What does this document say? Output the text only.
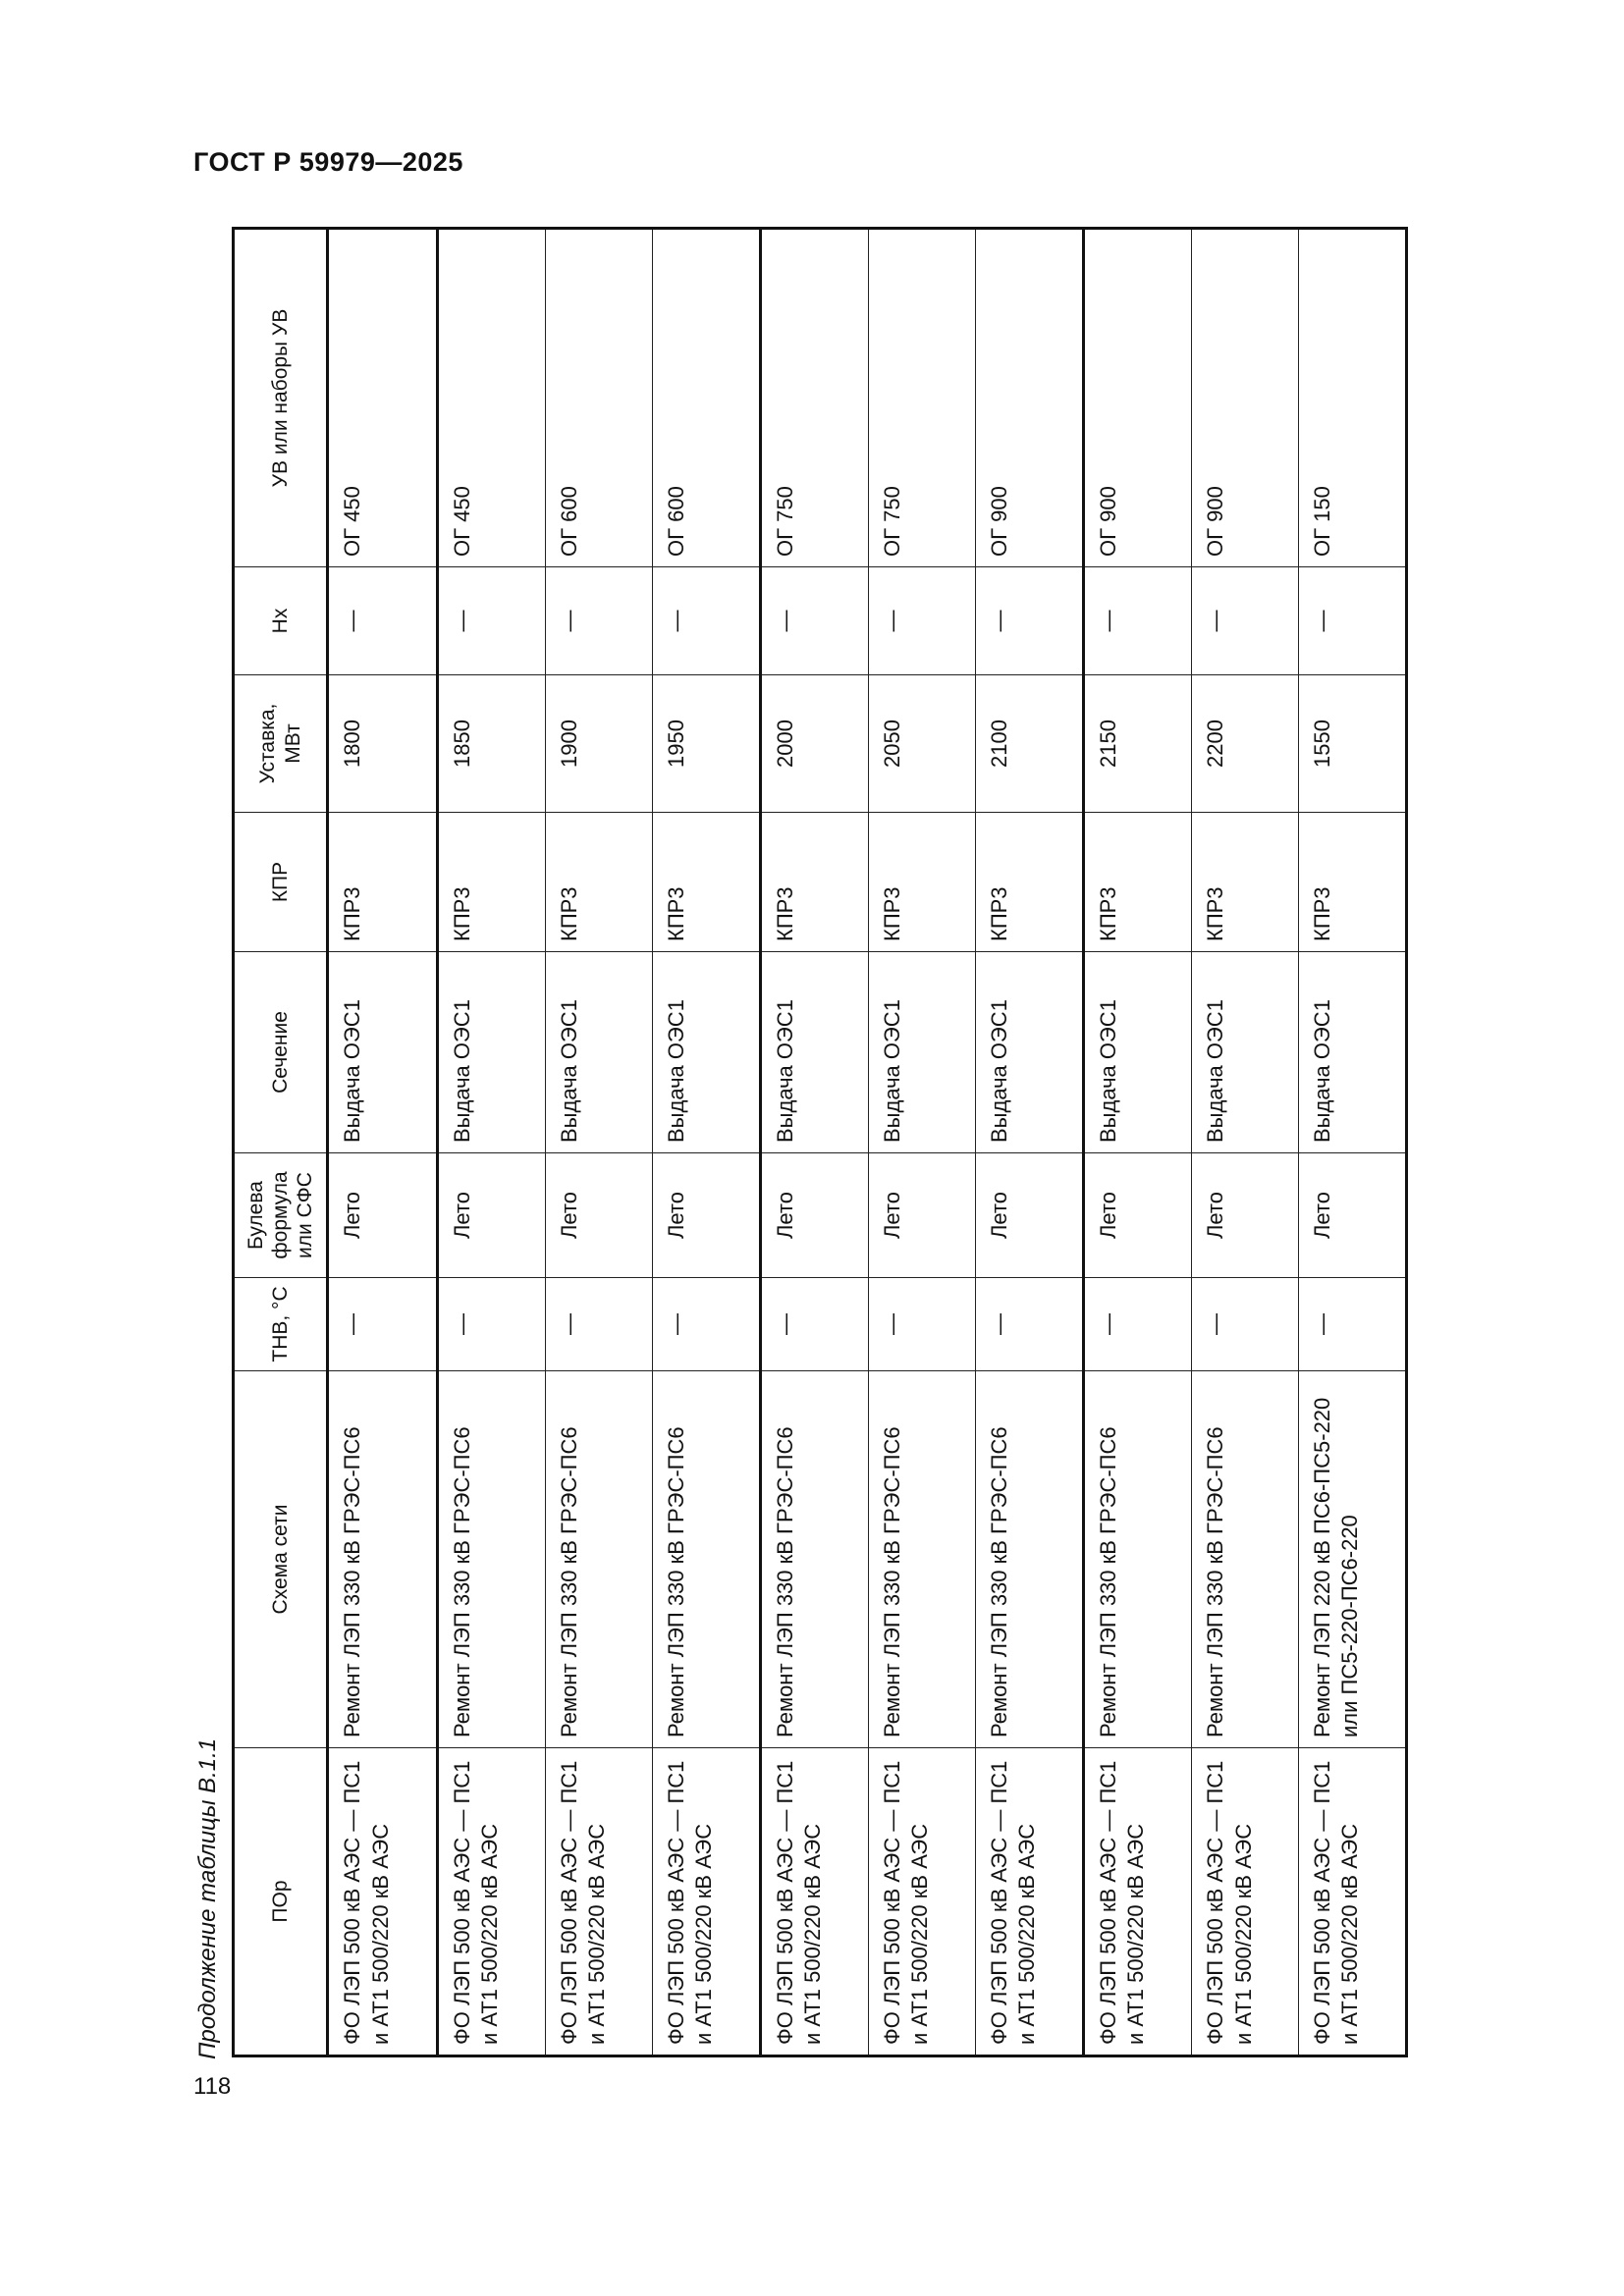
ГОСТ Р 59979—2025
Продолжение таблицы В.1.1
118
ПОр	Схема сети	ТНВ, °С	Булева формула или СФС	Сечение	КПР	Уставка, МВт	Нх	УВ или наборы УВ
ФО ЛЭП 500 кВ АЭС — ПС1 и АТ1 500/220 кВ АЭС	Ремонт ЛЭП 330 кВ ГРЭС-ПС6	—	Лето	Выдача ОЭС1	КПР3	1800	—	ОГ 450
ФО ЛЭП 500 кВ АЭС — ПС1 и АТ1 500/220 кВ АЭС	Ремонт ЛЭП 330 кВ ГРЭС-ПС6	—	Лето	Выдача ОЭС1	КПР3	1850	—	ОГ 450
ФО ЛЭП 500 кВ АЭС — ПС1 и АТ1 500/220 кВ АЭС	Ремонт ЛЭП 330 кВ ГРЭС-ПС6	—	Лето	Выдача ОЭС1	КПР3	1900	—	ОГ 600
ФО ЛЭП 500 кВ АЭС — ПС1 и АТ1 500/220 кВ АЭС	Ремонт ЛЭП 330 кВ ГРЭС-ПС6	—	Лето	Выдача ОЭС1	КПР3	1950	—	ОГ 600
ФО ЛЭП 500 кВ АЭС — ПС1 и АТ1 500/220 кВ АЭС	Ремонт ЛЭП 330 кВ ГРЭС-ПС6	—	Лето	Выдача ОЭС1	КПР3	2000	—	ОГ 750
ФО ЛЭП 500 кВ АЭС — ПС1 и АТ1 500/220 кВ АЭС	Ремонт ЛЭП 330 кВ ГРЭС-ПС6	—	Лето	Выдача ОЭС1	КПР3	2050	—	ОГ 750
ФО ЛЭП 500 кВ АЭС — ПС1 и АТ1 500/220 кВ АЭС	Ремонт ЛЭП 330 кВ ГРЭС-ПС6	—	Лето	Выдача ОЭС1	КПР3	2100	—	ОГ 900
ФО ЛЭП 500 кВ АЭС — ПС1 и АТ1 500/220 кВ АЭС	Ремонт ЛЭП 330 кВ ГРЭС-ПС6	—	Лето	Выдача ОЭС1	КПР3	2150	—	ОГ 900
ФО ЛЭП 500 кВ АЭС — ПС1 и АТ1 500/220 кВ АЭС	Ремонт ЛЭП 330 кВ ГРЭС-ПС6	—	Лето	Выдача ОЭС1	КПР3	2200	—	ОГ 900
ФО ЛЭП 500 кВ АЭС — ПС1 и АТ1 500/220 кВ АЭС	Ремонт ЛЭП 220 кВ ПС6-ПС5-220 или ПС5-220-ПС6-220	—	Лето	Выдача ОЭС1	КПР3	1550	—	ОГ 150
